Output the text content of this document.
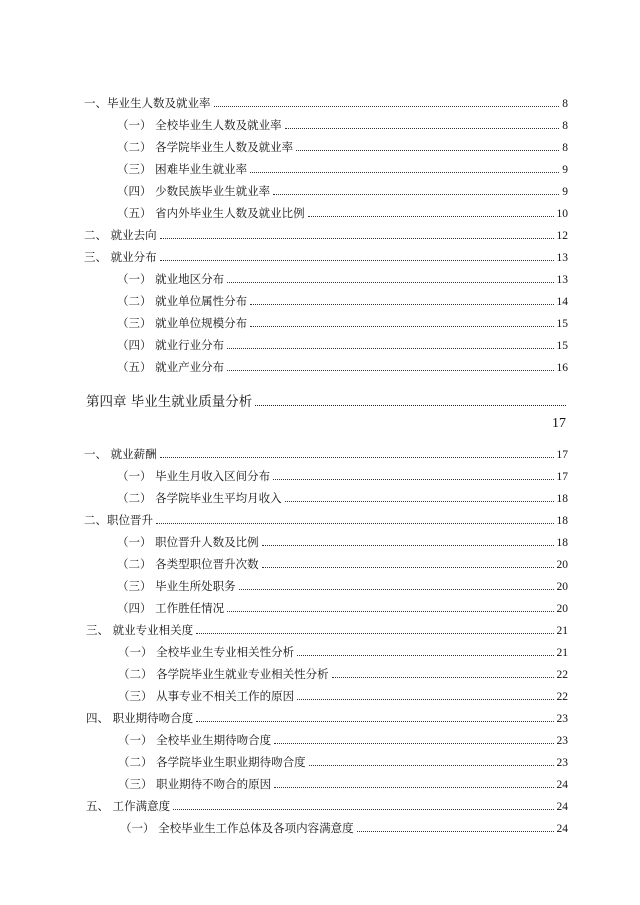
一、毕业生人数及就业率	8
（一） 全校毕业生人数及就业率	8
（二） 各学院毕业生人数及就业率	8
（三） 困难毕业生就业率	9
（四） 少数民族毕业生就业率	9
（五） 省内外毕业生人数及就业比例	10
二、 就业去向	12
三、 就业分布	13
（一） 就业地区分布	13
（二） 就业单位属性分布	14
（三） 就业单位规模分布	15
（四） 就业行业分布	15
（五） 就业产业分布	16
第四章 毕业生就业质量分析
17
一、 就业薪酬	17
（一） 毕业生月收入区间分布	17
（二） 各学院毕业生平均月收入	18
二、职位晋升	18
（一） 职位晋升人数及比例	18
（二） 各类型职位晋升次数	20
（三） 毕业生所处职务	20
（四） 工作胜任情况	20
三、 就业专业相关度	21
（一） 全校毕业生专业相关性分析	21
（二） 各学院毕业生就业专业相关性分析	22
（三） 从事专业不相关工作的原因	22
四、 职业期待吻合度	23
（一） 全校毕业生期待吻合度	23
（二） 各学院毕业生职业期待吻合度	23
（三） 职业期待不吻合的原因	24
五、 工作满意度	24
（一） 全校毕业生工作总体及各项内容满意度	24
